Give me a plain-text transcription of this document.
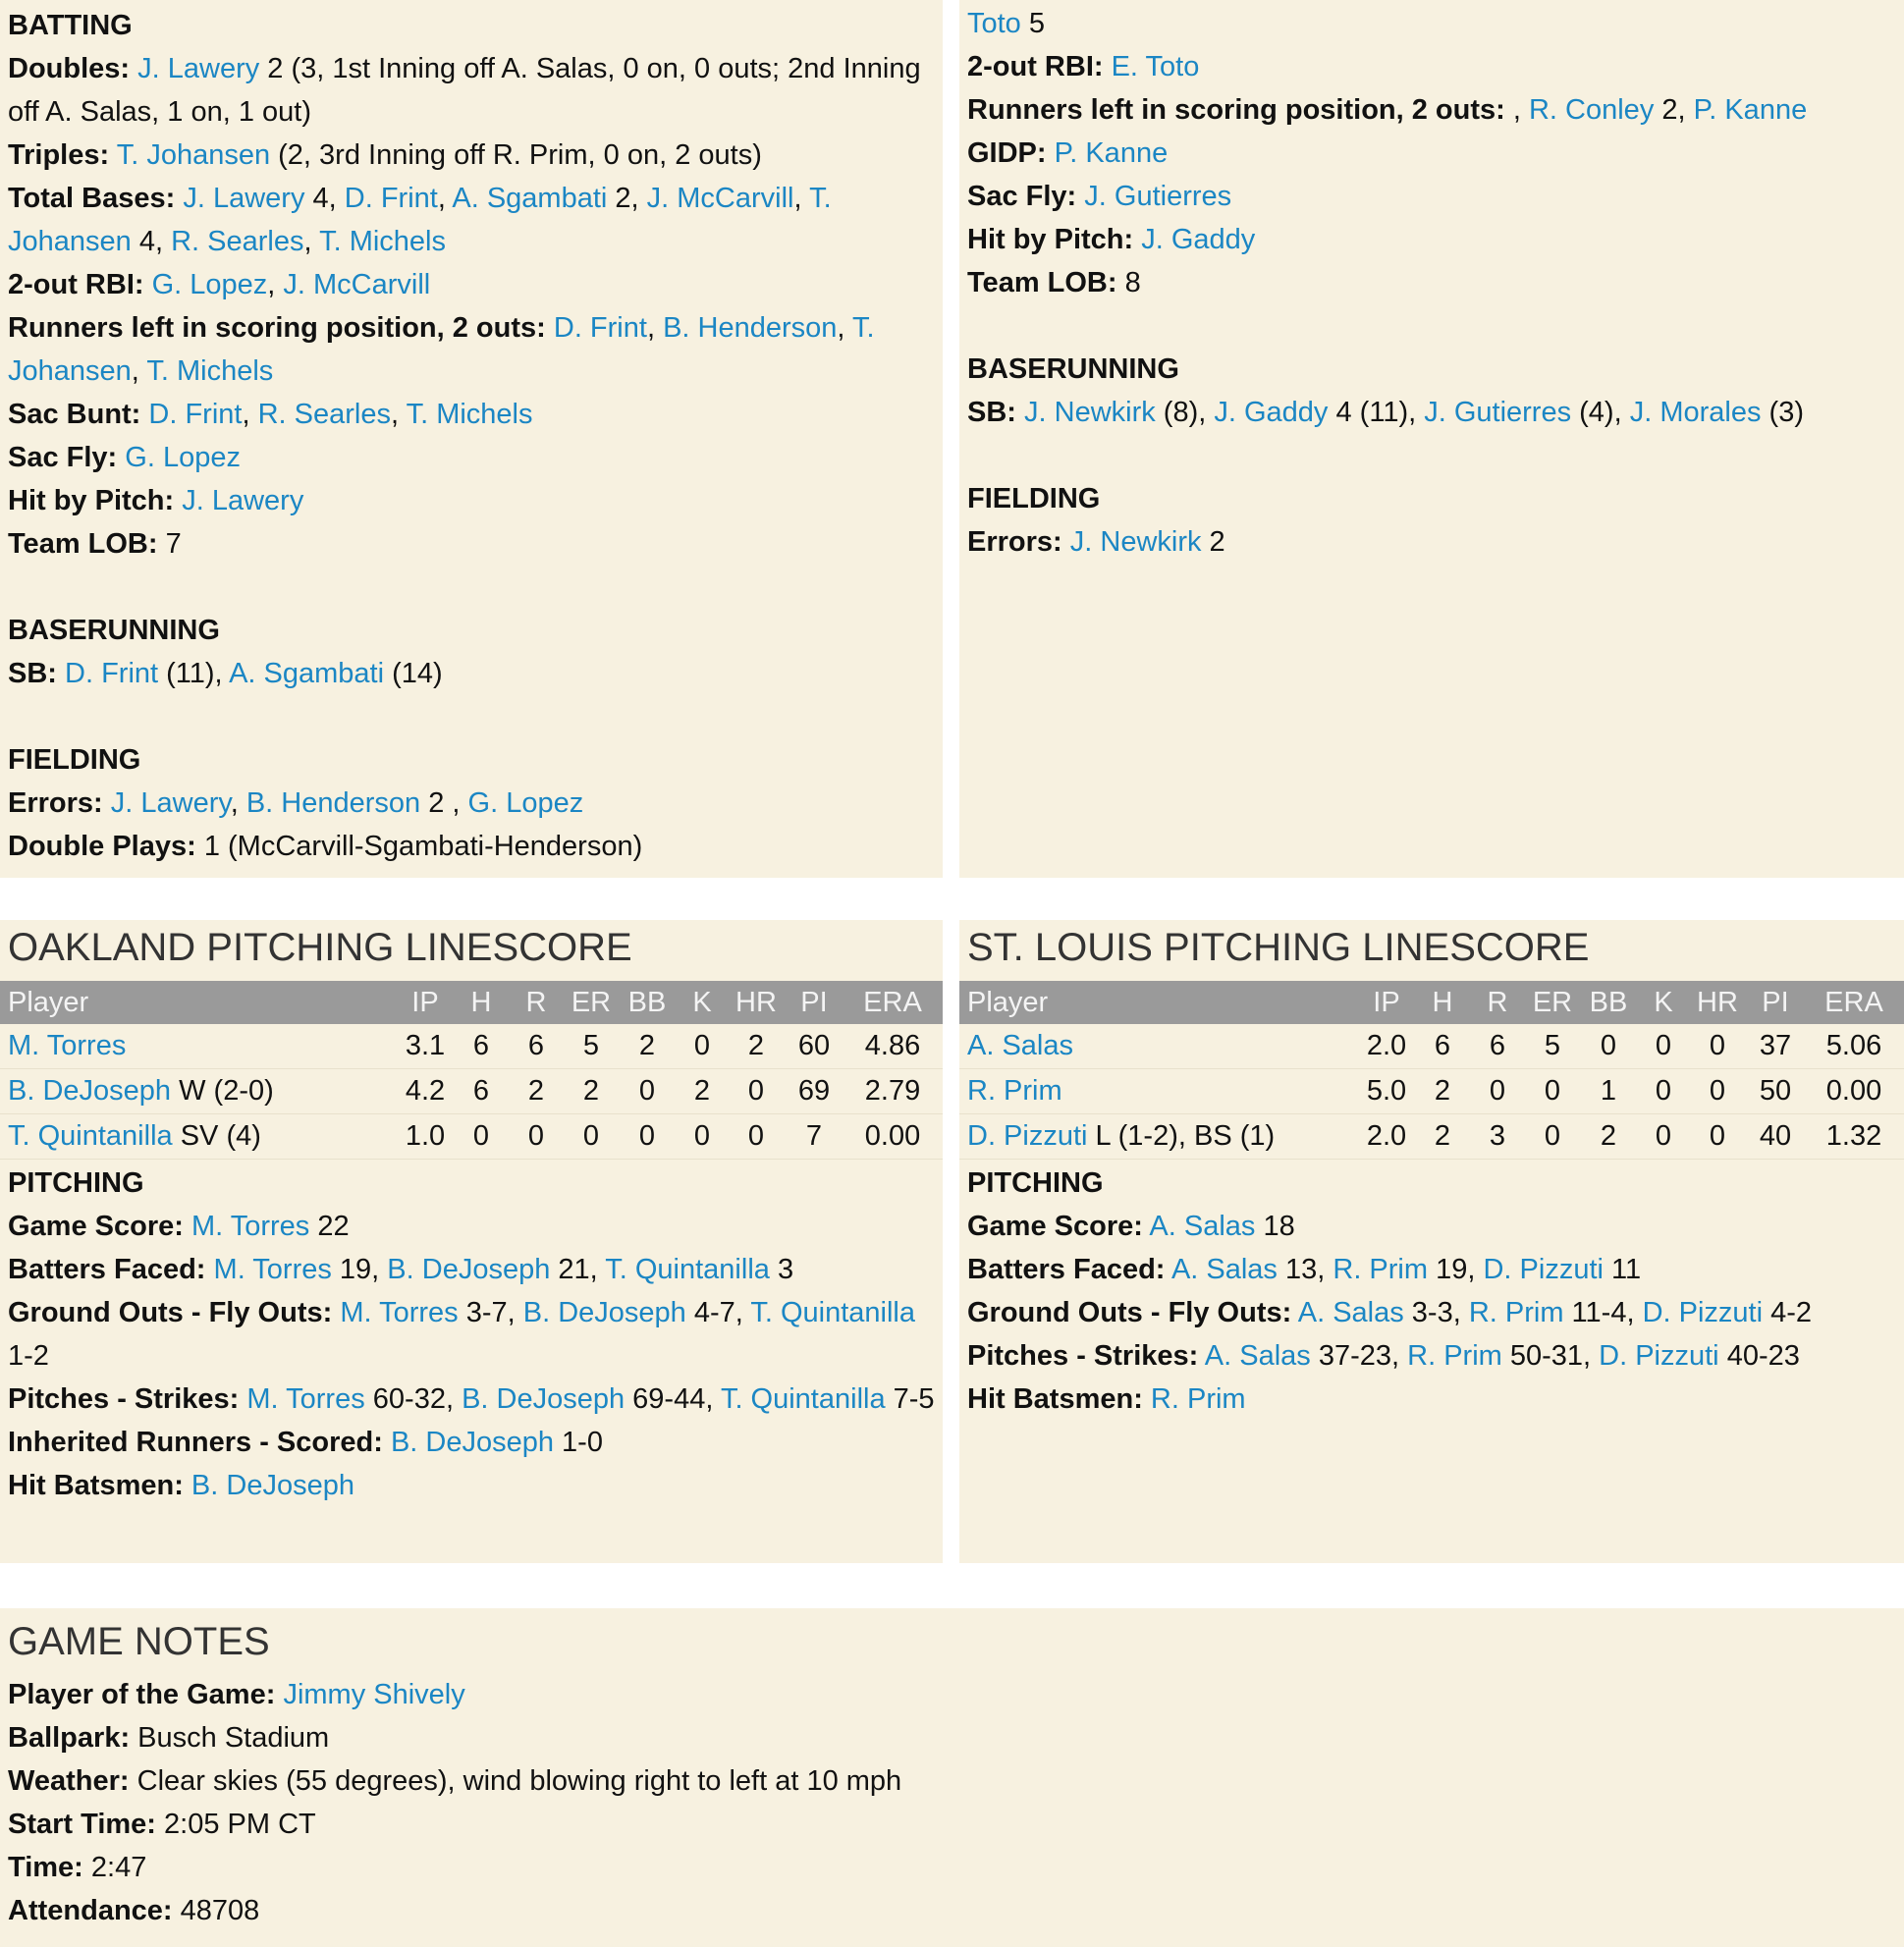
BATTING
Doubles: J. Lawery 2 (3, 1st Inning off A. Salas, 0 on, 0 outs; 2nd Inning off A. Salas, 1 on, 1 out)
Triples: T. Johansen (2, 3rd Inning off R. Prim, 0 on, 2 outs)
Total Bases: J. Lawery 4, D. Frint, A. Sgambati 2, J. McCarvill, T. Johansen 4, R. Searles, T. Michels
2-out RBI: G. Lopez, J. McCarvill
Runners left in scoring position, 2 outs: D. Frint, B. Henderson, T. Johansen, T. Michels
Sac Bunt: D. Frint, R. Searles, T. Michels
Sac Fly: G. Lopez
Hit by Pitch: J. Lawery
Team LOB: 7
BASERUNNING
SB: D. Frint (11), A. Sgambati (14)
FIELDING
Errors: J. Lawery, B. Henderson 2 , G. Lopez
Double Plays: 1 (McCarvill-Sgambati-Henderson)
Toto 5
2-out RBI: E. Toto
Runners left in scoring position, 2 outs: , R. Conley 2, P. Kanne
GIDP: P. Kanne
Sac Fly: J. Gutierres
Hit by Pitch: J. Gaddy
Team LOB: 8
BASERUNNING
SB: J. Newkirk (8), J. Gaddy 4 (11), J. Gutierres (4), J. Morales (3)
FIELDING
Errors: J. Newkirk 2
OAKLAND PITCHING LINESCORE
Player	IP	H	R	ER	BB	K	HR	PI	ERA
M. Torres	3.1	6	6	5	2	0	2	60	4.86
B. DeJoseph W (2-0)	4.2	6	2	2	0	2	0	69	2.79
T. Quintanilla SV (4)	1.0	0	0	0	0	0	0	7	0.00
PITCHING
Game Score: M. Torres 22
Batters Faced: M. Torres 19, B. DeJoseph 21, T. Quintanilla 3
Ground Outs - Fly Outs: M. Torres 3-7, B. DeJoseph 4-7, T. Quintanilla 1-2
Pitches - Strikes: M. Torres 60-32, B. DeJoseph 69-44, T. Quintanilla 7-5
Inherited Runners - Scored: B. DeJoseph 1-0
Hit Batsmen: B. DeJoseph
ST. LOUIS PITCHING LINESCORE
Player	IP	H	R	ER	BB	K	HR	PI	ERA
A. Salas	2.0	6	6	5	0	0	0	37	5.06
R. Prim	5.0	2	0	0	1	0	0	50	0.00
D. Pizzuti L (1-2), BS (1)	2.0	2	3	0	2	0	0	40	1.32
PITCHING
Game Score: A. Salas 18
Batters Faced: A. Salas 13, R. Prim 19, D. Pizzuti 11
Ground Outs - Fly Outs: A. Salas 3-3, R. Prim 11-4, D. Pizzuti 4-2
Pitches - Strikes: A. Salas 37-23, R. Prim 50-31, D. Pizzuti 40-23
Hit Batsmen: R. Prim
GAME NOTES
Player of the Game: Jimmy Shively
Ballpark: Busch Stadium
Weather: Clear skies (55 degrees), wind blowing right to left at 10 mph
Start Time: 2:05 PM CT
Time: 2:47
Attendance: 48708
